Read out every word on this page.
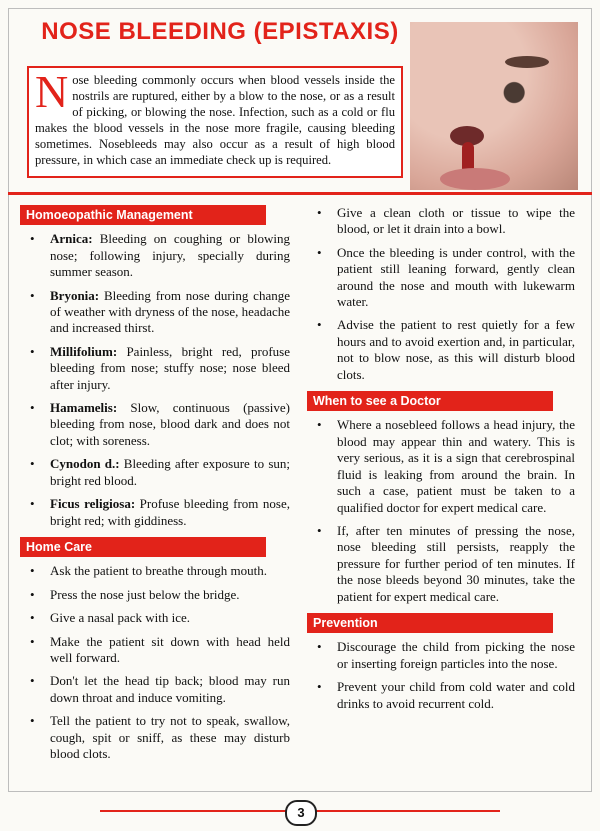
NOSE BLEEDING (EPISTAXIS)
Nose bleeding commonly occurs when blood vessels inside the nostrils are ruptured, either by a blow to the nose, or as a result of picking, or blowing the nose. Infection, such as a cold or flu makes the blood vessels in the nose more fragile, causing bleeding sometimes. Nosebleeds may also occur as a result of high blood pressure, in which case an immediate check up is required.
Homoeopathic Management
• Arnica: Bleeding on coughing or blowing nose; following injury, specially during summer season.
• Bryonia: Bleeding from nose during change of weather with dryness of the nose, headache and increased thirst.
• Millifolium: Painless, bright red, profuse bleeding from nose; stuffy nose; nose bleed after injury.
• Hamamelis: Slow, continuous (passive) bleeding from nose, blood dark and does not clot; with soreness.
• Cynodon d.: Bleeding after exposure to sun; bright red blood.
• Ficus religiosa: Profuse bleeding from nose, bright red; with giddiness.
Home Care
• Ask the patient to breathe through mouth.
• Press the nose just below the bridge.
• Give a nasal pack with ice.
• Make the patient sit down with head held well forward.
• Don't let the head tip back; blood may run down throat and induce vomiting.
• Tell the patient to try not to speak, swallow, cough, spit or sniff, as these may disturb blood clots.
• Give a clean cloth or tissue to wipe the blood, or let it drain into a bowl.
• Once the bleeding is under control, with the patient still leaning forward, gently clean around the nose and mouth with lukewarm water.
• Advise the patient to rest quietly for a few hours and to avoid exertion and, in particular, not to blow nose, as this will disturb blood clots.
When to see a Doctor
• Where a nosebleed follows a head injury, the blood may appear thin and watery. This is very serious, as it is a sign that cerebrospinal fluid is leaking from around the brain. In such a case, patient must be taken to a qualified doctor for expert medical care.
• If, after ten minutes of pressing the nose, nose bleeding still persists, reapply the pressure for further period of ten minutes. If the nose bleeds beyond 30 minutes, take the patient for expert medical care.
Prevention
• Discourage the child from picking the nose or inserting foreign particles into the nose.
• Prevent your child from cold water and cold drinks to avoid recurrent cold.
3
